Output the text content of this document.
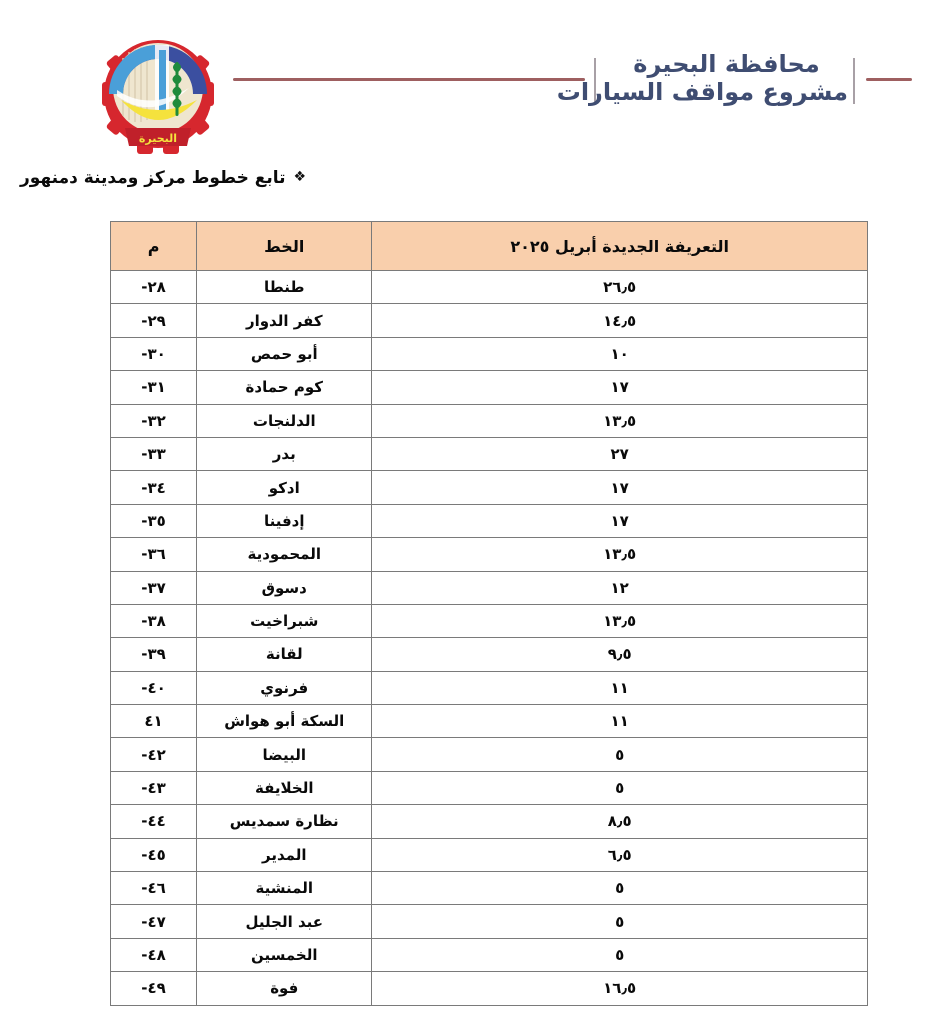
البحيرة
محافظة البحيرة
مشروع مواقف السيارات
❖تابع خطوط مركز ومدينة دمنهور
التعريفة الجديدة أبريل ٢٠٢٥	الخط	م
٢٦٫٥	طنطا	٢٨-
١٤٫٥	كفر الدوار	٢٩-
١٠	أبو حمص	٣٠-
١٧	كوم حمادة	٣١-
١٣٫٥	الدلنجات	٣٢-
٢٧	بدر	٣٣-
١٧	ادكو	٣٤-
١٧	إدفينا	٣٥-
١٣٫٥	المحمودية	٣٦-
١٢	دسوق	٣٧-
١٣٫٥	شبراخيت	٣٨-
٩٫٥	لقانة	٣٩-
١١	فرنوي	٤٠-
١١	السكة أبو هواش	٤١
٥	البيضا	٤٢-
٥	الخلايفة	٤٣-
٨٫٥	نظارة سمديس	٤٤-
٦٫٥	المدير	٤٥-
٥	المنشية	٤٦-
٥	عبد الجليل	٤٧-
٥	الخمسين	٤٨-
١٦٫٥	فوة	٤٩-
